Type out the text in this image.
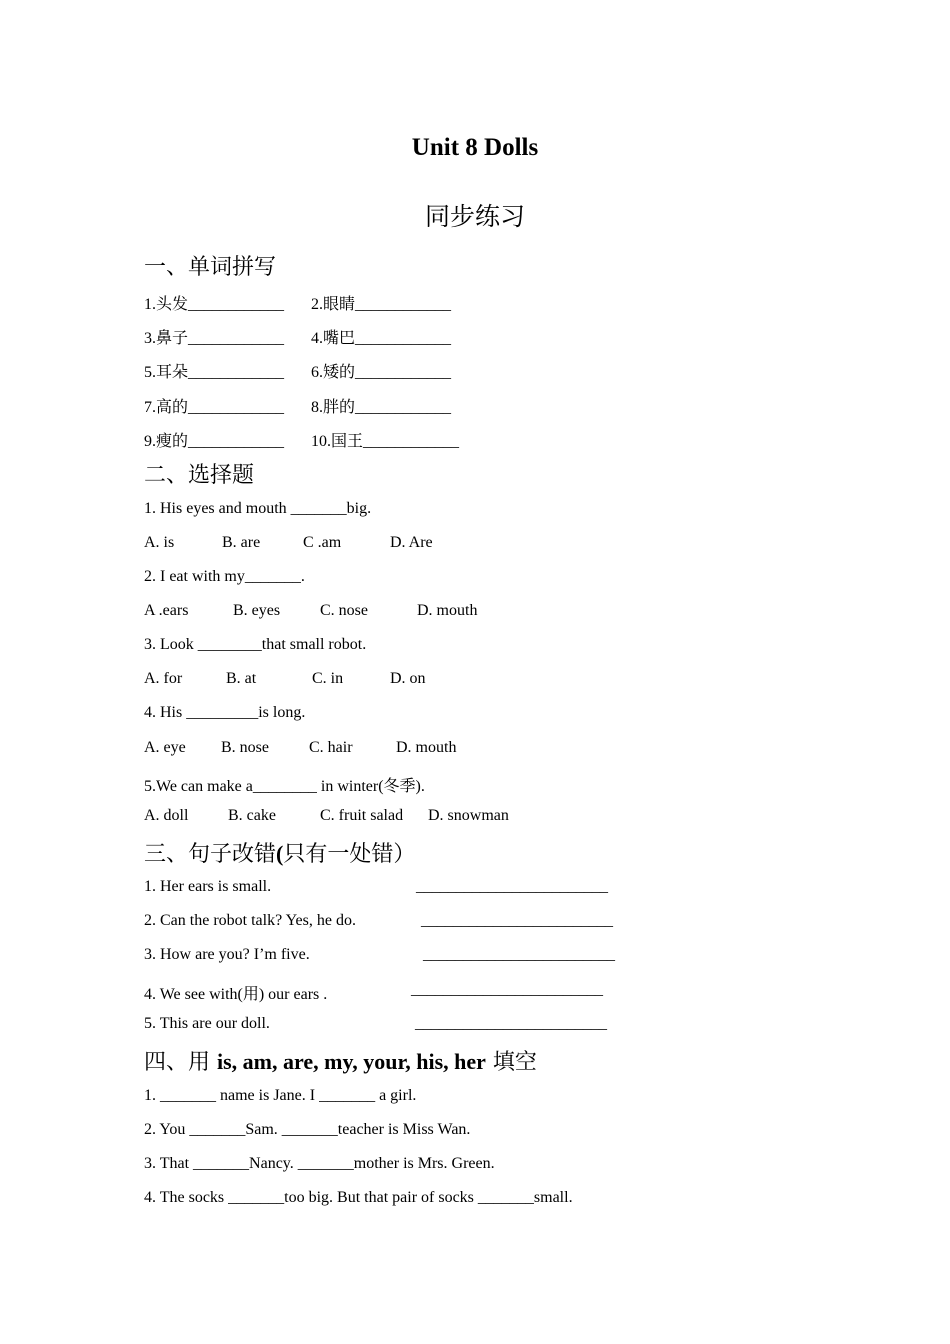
Unit 8 Dolls
同步练习
一、单词拼写
1.头发____________ 2.眼睛____________
3.鼻子____________ 4.嘴巴____________
5.耳朵____________ 6.矮的____________
7.高的____________ 8.胖的____________
9.瘦的____________ 10.国王____________
二、选择题
1. His eyes and mouth _______big.
A. is	B. are	C .am	D. Are
2. I eat with my_______.
A .ears	B. eyes C. nose	D. mouth
3. Look ________that small robot.
A. for	B. at	C. in	D. on
4. His _________is long.
A. eye B. nose	C. hair	D. mouth
5.We can make a________ in winter(冬季).
A. doll B. cake	C. fruit salad D. snowman
三、句子改错(只有一处错）
1. Her ears is small.	________________________
2. Can the robot talk? Yes, he do.	________________________
3. How are you? I’m five.	________________________
4. We see with(用) our ears .	________________________
5. This are our doll.	________________________
四、用 is, am, are, my, your, his, her 填空
1. _______ name is Jane. I _______ a girl.
2. You _______Sam. _______teacher is Miss Wan.
3. That _______Nancy. _______mother is Mrs. Green.
4. The socks _______too big. But that pair of socks _______small.
